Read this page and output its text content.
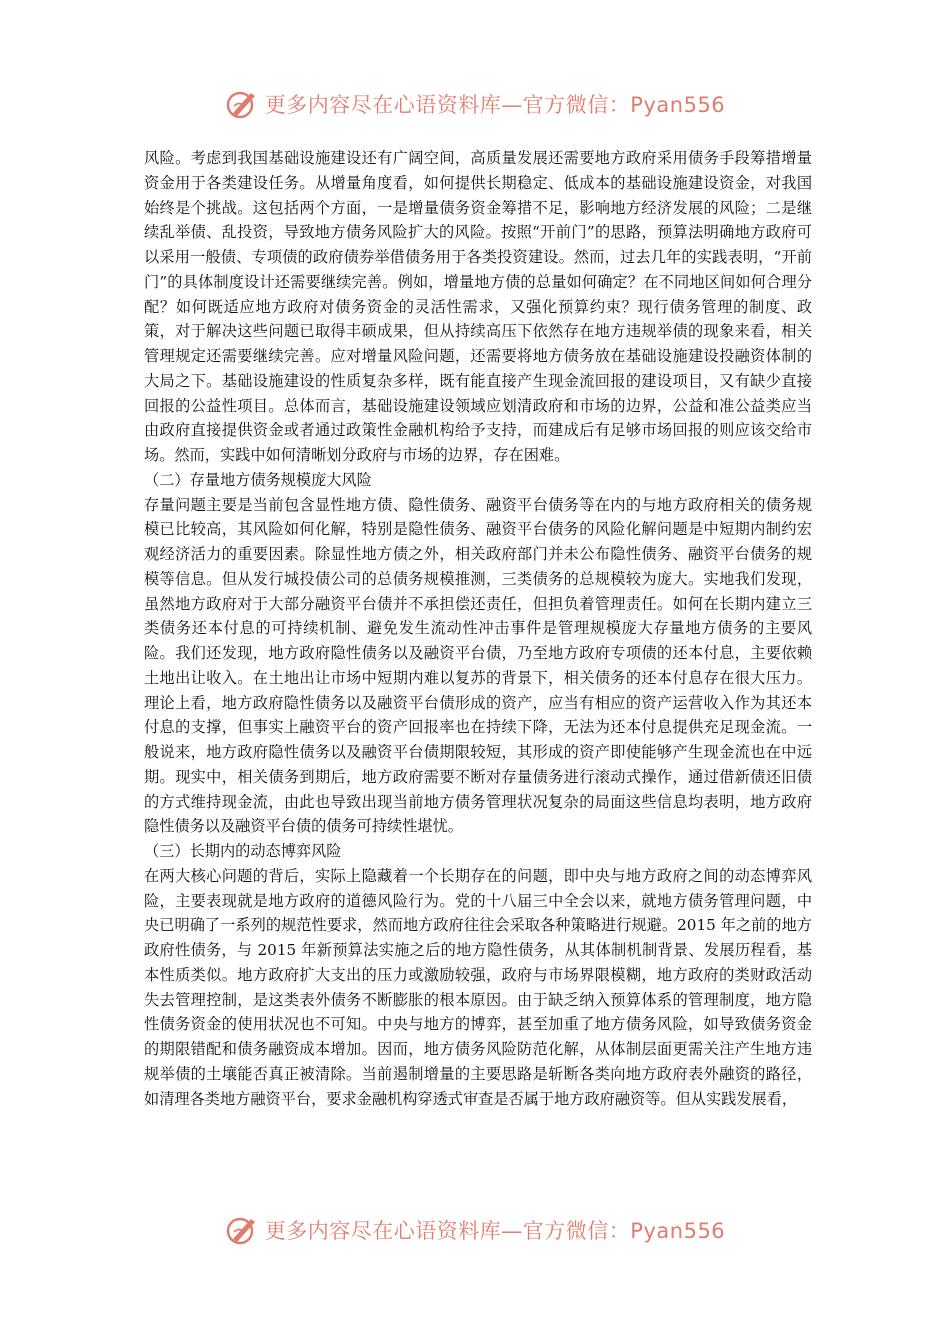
更多内容尽在心语资料库—官方微信：Pyan556

风险。考虑到我国基础设施建设还有广阔空间，高质量发展还需要地方政府采用债务手段筹措增量资金用于各类建设任务。从增量角度看，如何提供长期稳定、低成本的基础设施建设资金，对我国始终是个挑战。这包括两个方面，一是增量债务资金筹措不足，影响地方经济发展的风险；二是继续乱举债、乱投资，导致地方债务风险扩大的风险。按照“开前门”的思路，预算法明确地方政府可以采用一般债、专项债的政府债券举借债务用于各类投资建设。然而，过去几年的实践表明，“开前门”的具体制度设计还需要继续完善。例如，增量地方债的总量如何确定？在不同地区间如何合理分配？如何既适应地方政府对债务资金的灵活性需求，又强化预算约束？现行债务管理的制度、政策，对于解决这些问题已取得丰硕成果，但从持续高压下依然存在地方违规举债的现象来看，相关管理规定还需要继续完善。应对增量风险问题，还需要将地方债务放在基础设施建设投融资体制的大局之下。基础设施建设的性质复杂多样，既有能直接产生现金流回报的建设项目，又有缺少直接回报的公益性项目。总体而言，基础设施建设领域应划清政府和市场的边界，公益和准公益类应当由政府直接提供资金或者通过政策性金融机构给予支持，而建成后有足够市场回报的则应该交给市场。然而，实践中如何清晰划分政府与市场的边界，存在困难。

（二）存量地方债务规模庞大风险

存量问题主要是当前包含显性地方债、隐性债务、融资平台债务等在内的与地方政府相关的债务规模已比较高，其风险如何化解，特别是隐性债务、融资平台债务的风险化解问题是中短期内制约宏观经济活力的重要因素。除显性地方债之外，相关政府部门并未公布隐性债务、融资平台债务的规模等信息。但从发行城投债公司的总债务规模推测，三类债务的总规模较为庞大。实地我们发现，虽然地方政府对于大部分融资平台债并不承担偿还责任，但担负着管理责任。如何在长期内建立三类债务还本付息的可持续机制、避免发生流动性冲击事件是管理规模庞大存量地方债务的主要风险。我们还发现，地方政府隐性债务以及融资平台债，乃至地方政府专项债的还本付息，主要依赖土地出让收入。在土地出让市场中短期内难以复苏的背景下，相关债务的还本付息存在很大压力。理论上看，地方政府隐性债务以及融资平台债形成的资产，应当有相应的资产运营收入作为其还本付息的支撑，但事实上融资平台的资产回报率也在持续下降，无法为还本付息提供充足现金流。一般说来，地方政府隐性债务以及融资平台债期限较短，其形成的资产即使能够产生现金流也在中远期。现实中，相关债务到期后，地方政府需要不断对存量债务进行滚动式操作，通过借新债还旧债的方式维持现金流，由此也导致出现当前地方债务管理状况复杂的局面这些信息均表明，地方政府隐性债务以及融资平台债的债务可持续性堪忧。

（三）长期内的动态博弈风险

在两大核心问题的背后，实际上隐藏着一个长期存在的问题，即中央与地方政府之间的动态博弈风险，主要表现就是地方政府的道德风险行为。党的十八届三中全会以来，就地方债务管理问题，中央已明确了一系列的规范性要求，然而地方政府往往会采取各种策略进行规避。2015 年之前的地方政府性债务，与 2015 年新预算法实施之后的地方隐性债务，从其体制机制背景、发展历程看，基本性质类似。地方政府扩大支出的压力或激励较强，政府与市场界限模糊，地方政府的类财政活动失去管理控制，是这类表外债务不断膨胀的根本原因。由于缺乏纳入预算体系的管理制度，地方隐性债务资金的使用状况也不可知。中央与地方的博弈，甚至加重了地方债务风险，如导致债务资金的期限错配和债务融资成本增加。因而，地方债务风险防范化解，从体制层面更需关注产生地方违规举债的土壤能否真正被清除。当前遏制增量的主要思路是斩断各类向地方政府表外融资的路径，如清理各类地方融资平台，要求金融机构穿透式审查是否属于地方政府融资等。但从实践发展看，

更多内容尽在心语资料库—官方微信：Pyan556
